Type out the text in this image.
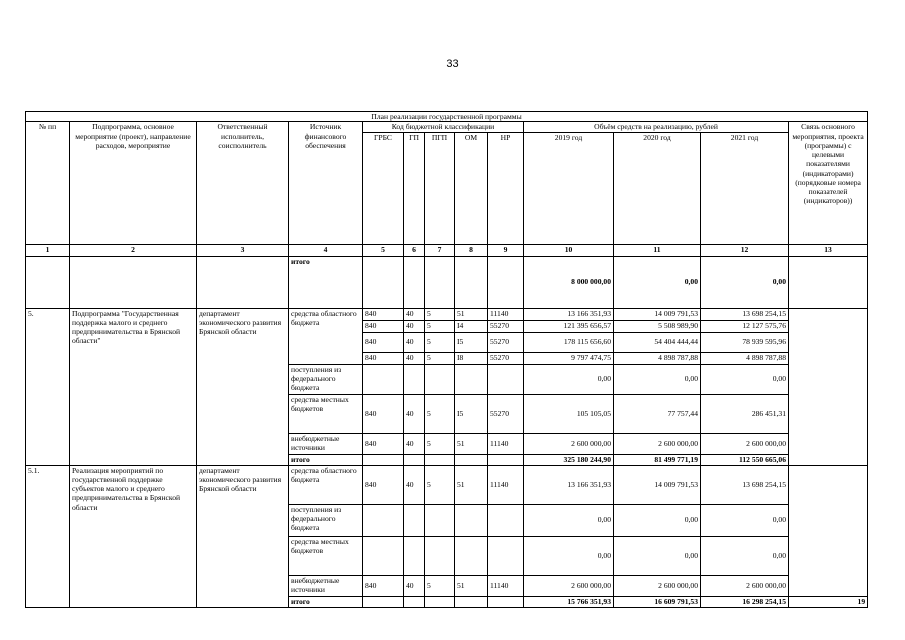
33
План реализации государственной программы												
№ пп	Подпрограмма, основное мероприятие (проект), направление расходов, мероприятие	Ответственный исполнитель, соисполнитель	Источник финансового обеспечения	Код бюджетной классификации					Объём средств на реализацию, рублей			Связь основного мероприятия, проекта (программы) с целевыми показателями (индикаторами) (порядковые номера показателей (индикаторов))
				ГРБС	ГП	ПГП	ОМ	НР	2019 год	2020 год	2021 год	
1	2	3	4	5	6	7	8	9	10	11	12	13
			итого						8 000 000,00	0,00	0,00	
5.	Подпрограмма "Государственная поддержка малого и среднего предпринимательства в Брянской области"	департамент экономического развития Брянской области	средства областного бюджета	840	40	5	51	11140	13 166 351,93	14 009 791,53	13 698 254,15	
				840	40	5	I4	55270	121 395 656,57	5 508 989,90	12 127 575,76	
				840	40	5	I5	55270	178 115 656,60	54 404 444,44	78 939 595,96	
				840	40	5	I8	55270	9 797 474,75	4 898 787,88	4 898 787,88	
			поступления из федерального бюджета						0,00	0,00	0,00	
			средства местных бюджетов	840	40	5	I5	55270	105 105,05	77 757,44	286 451,31	
			внебюджетные источники	840	40	5	51	11140	2 600 000,00	2 600 000,00	2 600 000,00	
			итого						325 180 244,90	81 499 771,19	112 550 665,06	
5.1.	Реализация мероприятий по государственной поддержке субъектов малого и среднего предпринимательства в Брянской области	департамент экономического развития Брянской области	средства областного бюджета	840	40	5	51	11140	13 166 351,93	14 009 791,53	13 698 254,15	
			поступления из федерального бюджета						0,00	0,00	0,00	
			средства местных бюджетов						0,00	0,00	0,00	
			внебюджетные источники	840	40	5	51	11140	2 600 000,00	2 600 000,00	2 600 000,00	
			итого						15 766 351,93	16 609 791,53	16 298 254,15	19
